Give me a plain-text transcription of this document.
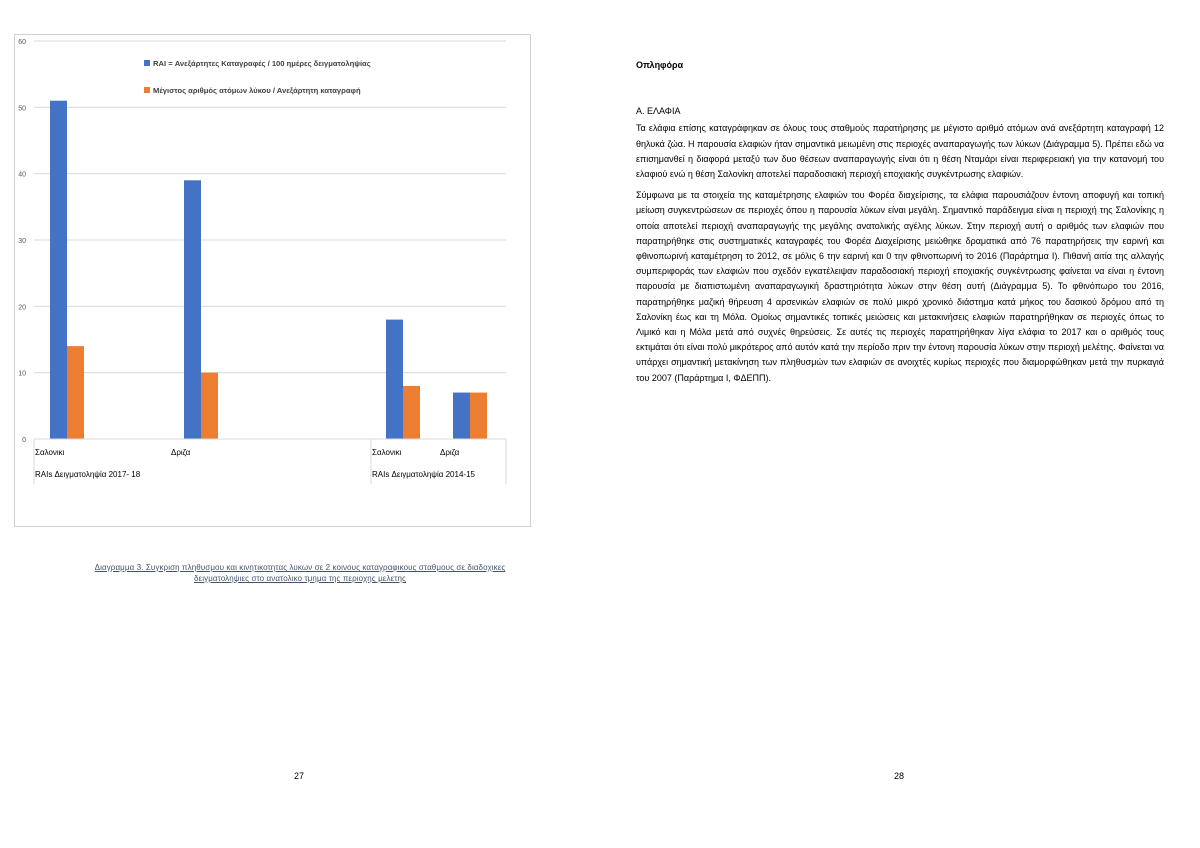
0
10
20
30
40
50
60
Σαλονικι	Δριζα	Σαλονικι	Δριζα
RAIs Δειγματοληψία 2017- 18	RAIs Δειγματοληψία 2014-15
RAI = Ανεξάρτητες Καταγραφές / 100 ημέρες δειγματοληψίας
Μέγιστος αριθμός ατόμων λύκου / Ανεξάρτητη καταγραφή
Διαγραμμα 3. Συγκριση πληθυσμου και κινητικοτητας λυκων σε 2 κοινους καταγραφικους σταθμους σε διαδοχικες
δειγματοληψιες στο ανατολικο τμημα της περιοχης μελετης
27	28

Οπληφόρα

Α. ΕΛΑΦΙΑ

Τα ελάφια επίσης καταγράφηκαν σε όλους τους σταθμούς παρατήρησης με μέγιστο αριθμό ατόμων ανά ανεξάρτητη καταγραφή 12 θηλυκά ζώα. Η παρουσία ελαφιών ήταν σημαντικά μειωμένη στις περιοχές αναπαραγωγής των λύκων (Διάγραμμα 5). Πρέπει εδώ να επισημανθεί η διαφορά μεταξύ των δυο θέσεων αναπαραγωγής είναι ότι η θέση Νταμάρι είναι περιφερειακή για την κατανομή του ελαφιού ενώ η θέση Σαλονίκη αποτελεί παραδοσιακή περιοχή εποχιακής συγκέντρωσης ελαφιών.

Σύμφωνα με τα στοιχεία της καταμέτρησης ελαφιών του Φορέα διαχείρισης, τα ελάφια παρουσιάζουν έντονη αποφυγή και τοπική μείωση συγκεντρώσεων σε περιοχές όπου η παρουσία λύκων είναι μεγάλη. Σημαντικό παράδειγμα είναι η περιοχή της Σαλονίκης η οποία αποτελεί περιοχή αναπαραγωγής της μεγάλης ανατολικής αγέλης λύκων. Στην περιοχή αυτή ο αριθμός των ελαφιών που παρατηρήθηκε στις συστηματικές καταγραφές του Φορέα Διαχείρισης μειώθηκε δραματικά από 76 παρατηρήσεις την εαρινή και φθινοπωρινή καταμέτρηση το 2012, σε μόλις 6 την εαρινή και 0 την φθινοπωρινή το 2016 (Παράρτημα Ι). Πιθανή αιτία της αλλαγής συμπεριφοράς των ελαφιών που σχεδόν εγκατέλειψαν παραδοσιακή περιοχή εποχιακής συγκέντρωσης φαίνεται να είναι η έντονη παρουσία με διαπιστωμένη αναπαραγωγική δραστηριότητα λύκων στην θέση αυτή (Διάγραμμα 5). Το φθινόπωρο του 2016, παρατηρήθηκε μαζική θήρευση 4 αρσενικών ελαφιών σε πολύ μικρό χρονικό διάστημα κατά μήκος του δασικού δρόμου από τη Σαλονίκη έως και τη Μόλα. Ομοίως σημαντικές τοπικές μειώσεις και μετακινήσεις ελαφιών παρατηρήθηκαν σε περιοχές όπως το Λιμικό και η Μόλα μετά από συχνές θηρεύσεις. Σε αυτές τις περιοχές παρατηρήθηκαν λίγα ελάφια το 2017 και ο αριθμός τους εκτιμάται ότι είναι πολύ μικρότερος από αυτόν κατά την περίοδο πριν την έντονη παρουσία λύκων στην περιοχή μελέτης. Φαίνεται να υπάρχει σημαντική μετακίνηση των πληθυσμών των ελαφιών σε ανοιχτές κυρίως περιοχές που διαμορφώθηκαν μετά την πυρκαγιά του 2007 (Παράρτημα Ι, ΦΔΕΠΠ).
